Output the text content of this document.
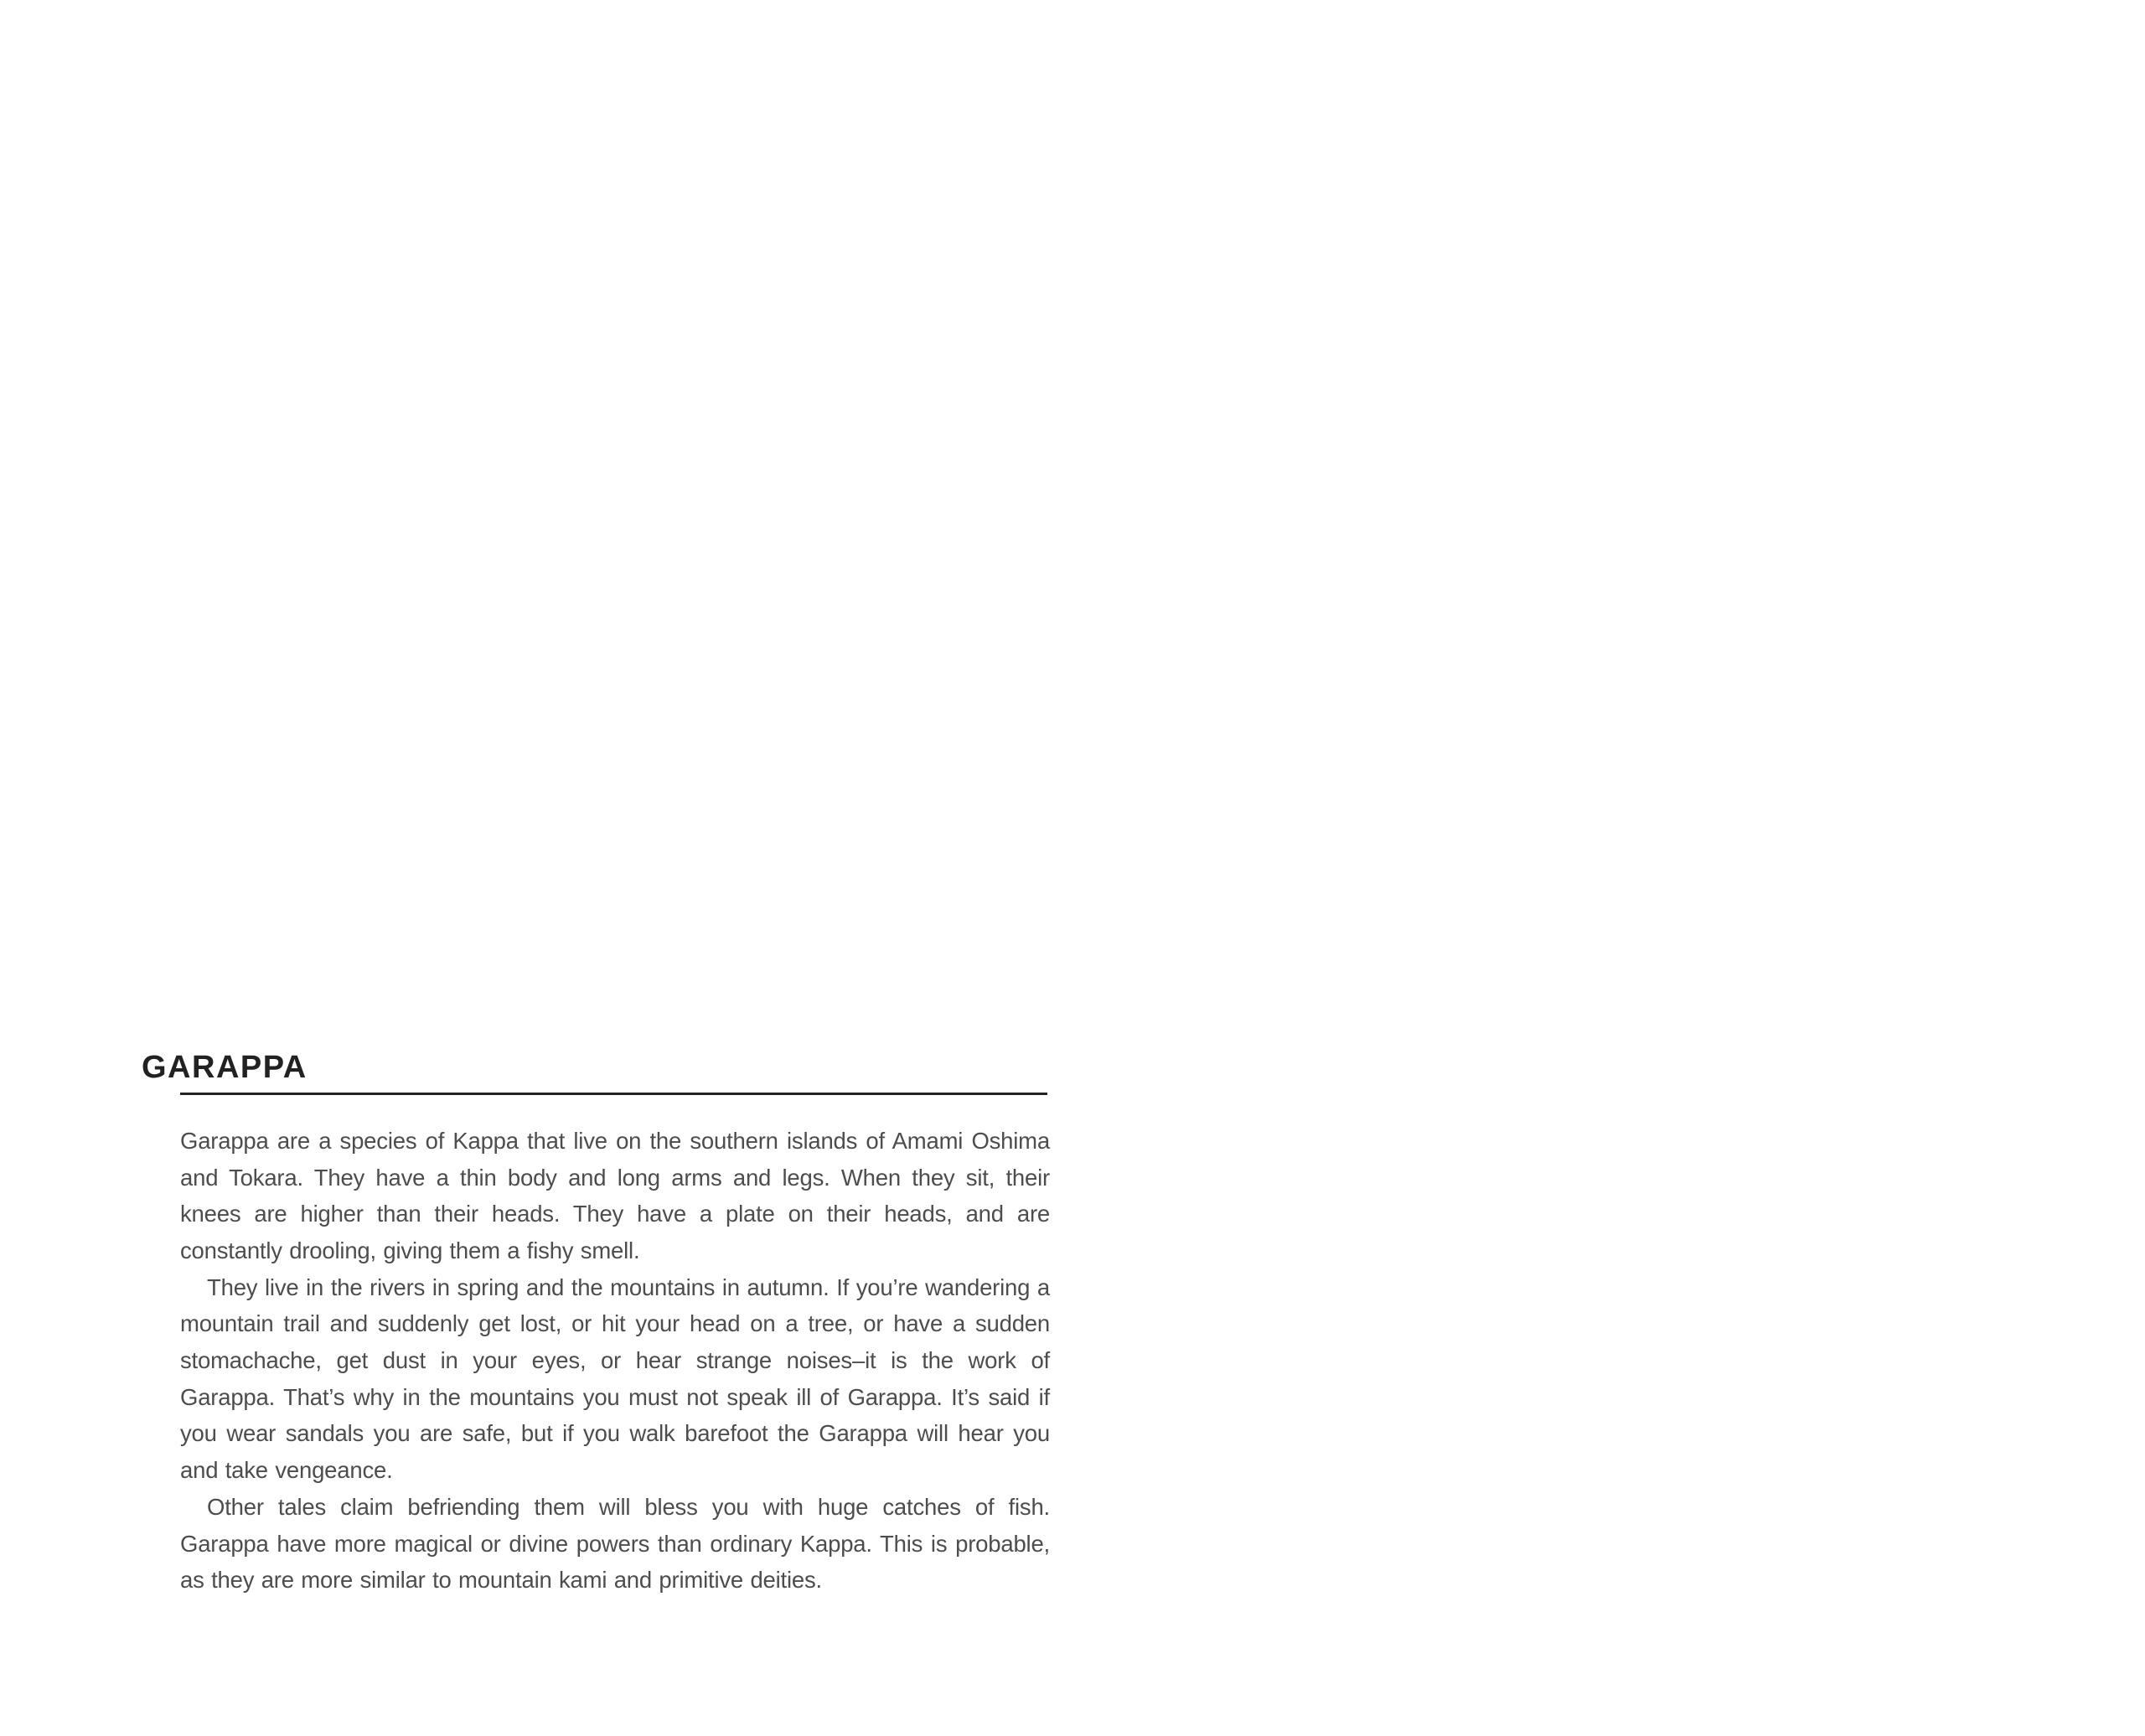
GARAPPA

Garappa are a species of Kappa that live on the southern islands of Amami Oshima and Tokara. They have a thin body and long arms and legs. When they sit, their knees are higher than their heads. They have a plate on their heads, and are constantly drooling, giving them a fishy smell.

They live in the rivers in spring and the mountains in autumn. If you’re wandering a mountain trail and suddenly get lost, or hit your head on a tree, or have a sudden stomachache, get dust in your eyes, or hear strange noises–it is the work of Garappa. That’s why in the mountains you must not speak ill of Garappa. It’s said if you wear sandals you are safe, but if you walk barefoot the Garappa will hear you and take vengeance.

Other tales claim befriending them will bless you with huge catches of fish. Garappa have more magical or divine powers than ordinary Kappa. This is probable, as they are more similar to mountain kami and primitive deities.
